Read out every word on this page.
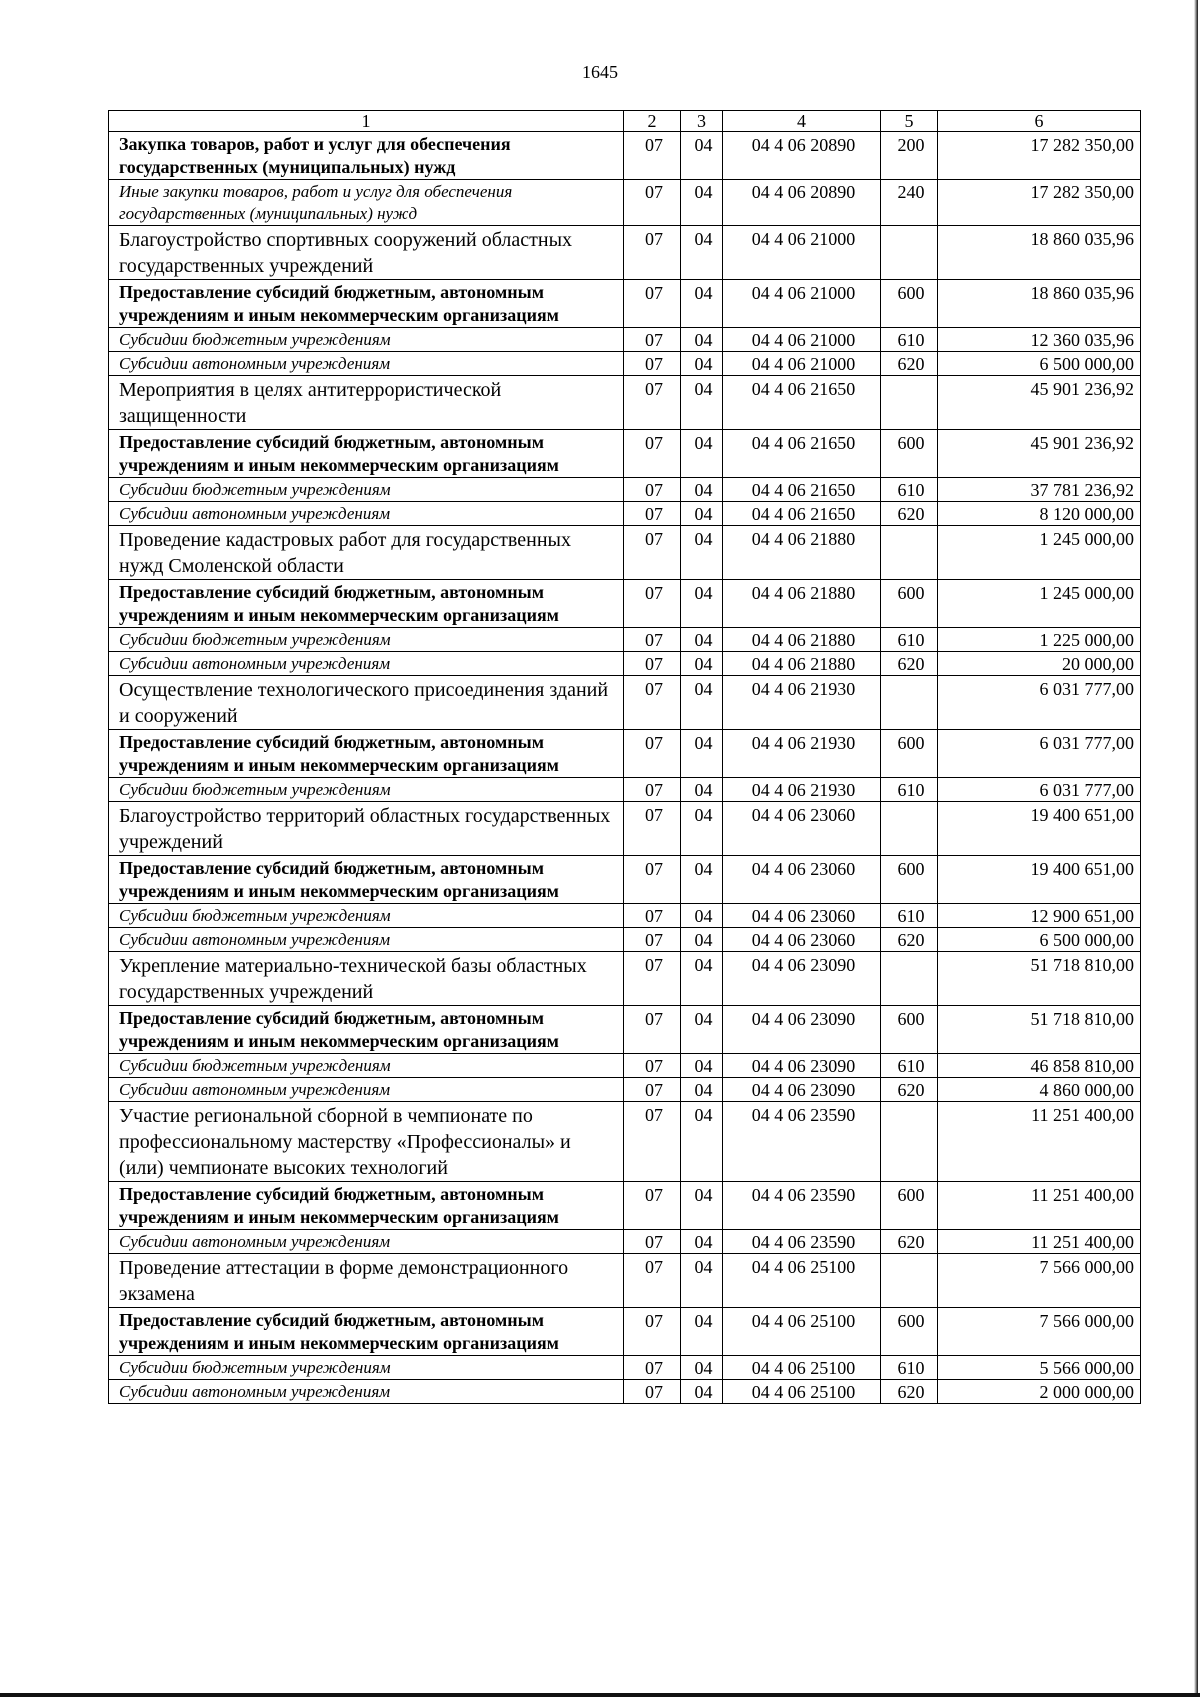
1645
1	2	3	4	5	6
Закупка товаров, работ и услуг для обеспечения государственных (муниципальных) нужд	07	04	04 4 06 20890	200	17 282 350,00
Иные закупки товаров, работ и услуг для обеспечения государственных (муниципальных) нужд	07	04	04 4 06 20890	240	17 282 350,00
Благоустройство спортивных сооружений областных государственных учреждений	07	04	04 4 06 21000		18 860 035,96
Предоставление субсидий бюджетным, автономным учреждениям и иным некоммерческим организациям	07	04	04 4 06 21000	600	18 860 035,96
Субсидии бюджетным учреждениям	07	04	04 4 06 21000	610	12 360 035,96
Субсидии автономным учреждениям	07	04	04 4 06 21000	620	6 500 000,00
Мероприятия в целях антитеррористической защищенности	07	04	04 4 06 21650		45 901 236,92
Предоставление субсидий бюджетным, автономным учреждениям и иным некоммерческим организациям	07	04	04 4 06 21650	600	45 901 236,92
Субсидии бюджетным учреждениям	07	04	04 4 06 21650	610	37 781 236,92
Субсидии автономным учреждениям	07	04	04 4 06 21650	620	8 120 000,00
Проведение кадастровых работ для государственных нужд Смоленской области	07	04	04 4 06 21880		1 245 000,00
Предоставление субсидий бюджетным, автономным учреждениям и иным некоммерческим организациям	07	04	04 4 06 21880	600	1 245 000,00
Субсидии бюджетным учреждениям	07	04	04 4 06 21880	610	1 225 000,00
Субсидии автономным учреждениям	07	04	04 4 06 21880	620	20 000,00
Осуществление технологического присоединения зданий и сооружений	07	04	04 4 06 21930		6 031 777,00
Предоставление субсидий бюджетным, автономным учреждениям и иным некоммерческим организациям	07	04	04 4 06 21930	600	6 031 777,00
Субсидии бюджетным учреждениям	07	04	04 4 06 21930	610	6 031 777,00
Благоустройство территорий областных государственных учреждений	07	04	04 4 06 23060		19 400 651,00
Предоставление субсидий бюджетным, автономным учреждениям и иным некоммерческим организациям	07	04	04 4 06 23060	600	19 400 651,00
Субсидии бюджетным учреждениям	07	04	04 4 06 23060	610	12 900 651,00
Субсидии автономным учреждениям	07	04	04 4 06 23060	620	6 500 000,00
Укрепление материально-технической базы областных государственных учреждений	07	04	04 4 06 23090		51 718 810,00
Предоставление субсидий бюджетным, автономным учреждениям и иным некоммерческим организациям	07	04	04 4 06 23090	600	51 718 810,00
Субсидии бюджетным учреждениям	07	04	04 4 06 23090	610	46 858 810,00
Субсидии автономным учреждениям	07	04	04 4 06 23090	620	4 860 000,00
Участие региональной сборной в чемпионате по профессиональному мастерству «Профессионалы» и (или) чемпионате высоких технологий	07	04	04 4 06 23590		11 251 400,00
Предоставление субсидий бюджетным, автономным учреждениям и иным некоммерческим организациям	07	04	04 4 06 23590	600	11 251 400,00
Субсидии автономным учреждениям	07	04	04 4 06 23590	620	11 251 400,00
Проведение аттестации в форме демонстрационного экзамена	07	04	04 4 06 25100		7 566 000,00
Предоставление субсидий бюджетным, автономным учреждениям и иным некоммерческим организациям	07	04	04 4 06 25100	600	7 566 000,00
Субсидии бюджетным учреждениям	07	04	04 4 06 25100	610	5 566 000,00
Субсидии автономным учреждениям	07	04	04 4 06 25100	620	2 000 000,00
